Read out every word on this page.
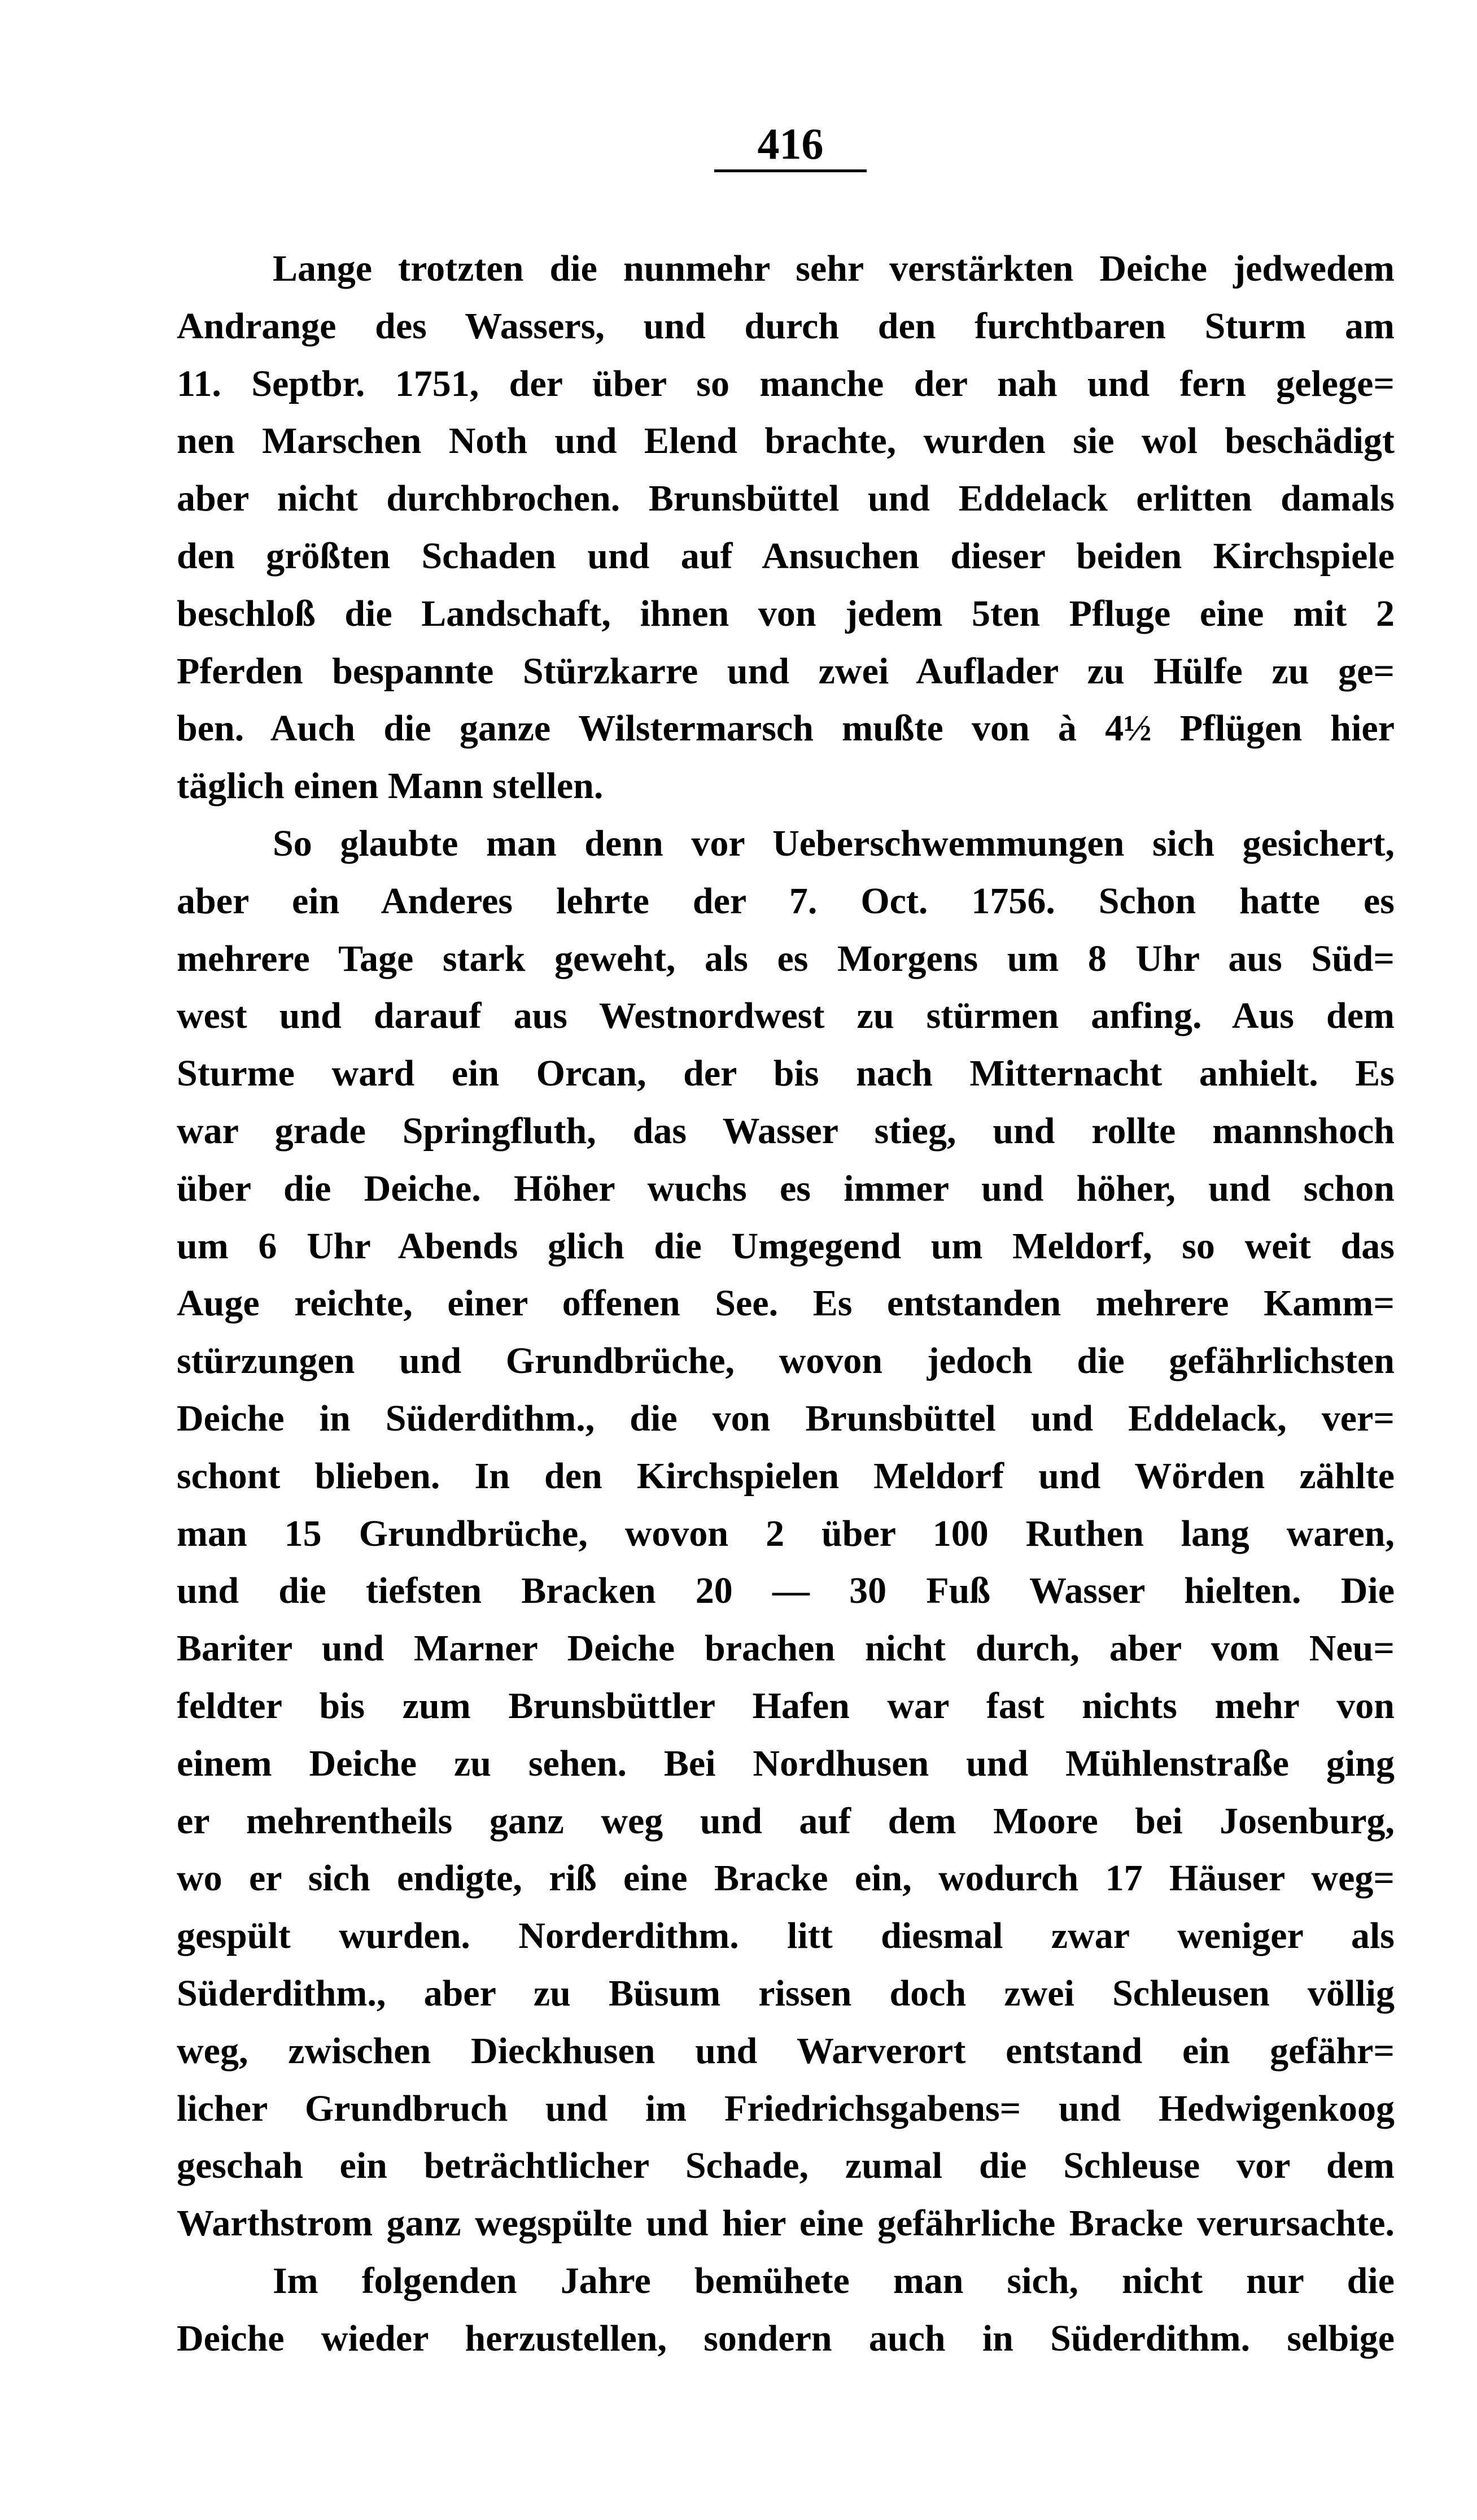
416
Lange trotzten die nunmehr sehr verstärkten Deiche jedwedem
Andrange des Wassers, und durch den furchtbaren Sturm am
11. Septbr. 1751, der über so manche der nah und fern gelege=
nen Marschen Noth und Elend brachte, wurden sie wol beschädigt
aber nicht durchbrochen. Brunsbüttel und Eddelack erlitten damals
den größten Schaden und auf Ansuchen dieser beiden Kirchspiele
beschloß die Landschaft, ihnen von jedem 5ten Pfluge eine mit 2
Pferden bespannte Stürzkarre und zwei Auflader zu Hülfe zu ge=
ben. Auch die ganze Wilstermarsch mußte von à 4½ Pflügen hier
täglich einen Mann stellen.
So glaubte man denn vor Ueberschwemmungen sich gesichert,
aber ein Anderes lehrte der 7. Oct. 1756. Schon hatte es
mehrere Tage stark geweht, als es Morgens um 8 Uhr aus Süd=
west und darauf aus Westnordwest zu stürmen anfing. Aus dem
Sturme ward ein Orcan, der bis nach Mitternacht anhielt. Es
war grade Springfluth, das Wasser stieg, und rollte mannshoch
über die Deiche. Höher wuchs es immer und höher, und schon
um 6 Uhr Abends glich die Umgegend um Meldorf, so weit das
Auge reichte, einer offenen See. Es entstanden mehrere Kamm=
stürzungen und Grundbrüche, wovon jedoch die gefährlichsten
Deiche in Süderdithm., die von Brunsbüttel und Eddelack, ver=
schont blieben. In den Kirchspielen Meldorf und Wörden zählte
man 15 Grundbrüche, wovon 2 über 100 Ruthen lang waren,
und die tiefsten Bracken 20 — 30 Fuß Wasser hielten. Die
Bariter und Marner Deiche brachen nicht durch, aber vom Neu=
feldter bis zum Brunsbüttler Hafen war fast nichts mehr von
einem Deiche zu sehen. Bei Nordhusen und Mühlenstraße ging
er mehrentheils ganz weg und auf dem Moore bei Josenburg,
wo er sich endigte, riß eine Bracke ein, wodurch 17 Häuser weg=
gespült wurden. Norderdithm. litt diesmal zwar weniger als
Süderdithm., aber zu Büsum rissen doch zwei Schleusen völlig
weg, zwischen Dieckhusen und Warverort entstand ein gefähr=
licher Grundbruch und im Friedrichsgabens= und Hedwigenkoog
geschah ein beträchtlicher Schade, zumal die Schleuse vor dem
Warthstrom ganz wegspülte und hier eine gefährliche Bracke verursachte.
Im folgenden Jahre bemühete man sich, nicht nur die
Deiche wieder herzustellen, sondern auch in Süderdithm. selbige
